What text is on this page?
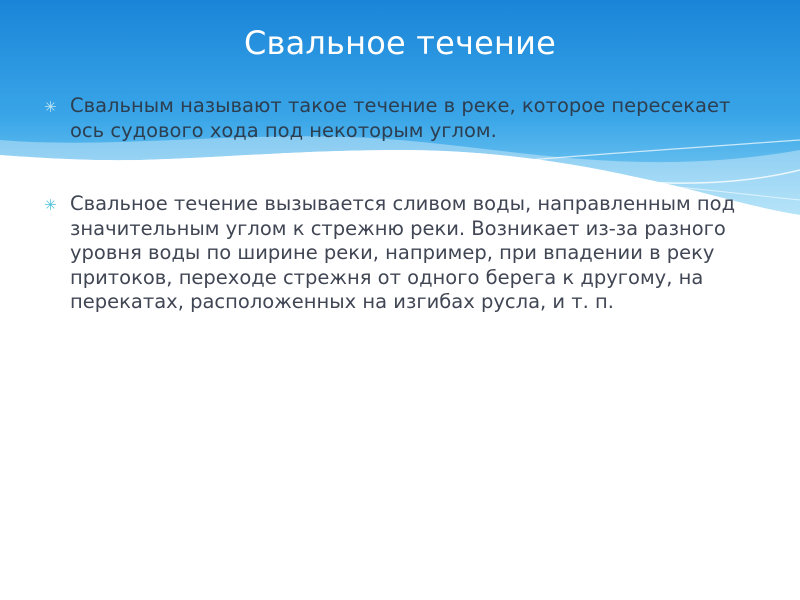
Свальное течение
✳ Свальным называют такое течение в реке, которое пересекает ось судового хода под некоторым углом.
✳ Свальное течение вызывается сливом воды, направленным под значительным углом к стрежню реки. Возникает из-за разного уровня воды по ширине реки, например, при впадении в реку притоков, переходе стрежня от одного берега к другому, на перекатах, расположенных на изгибах русла, и т. п.
